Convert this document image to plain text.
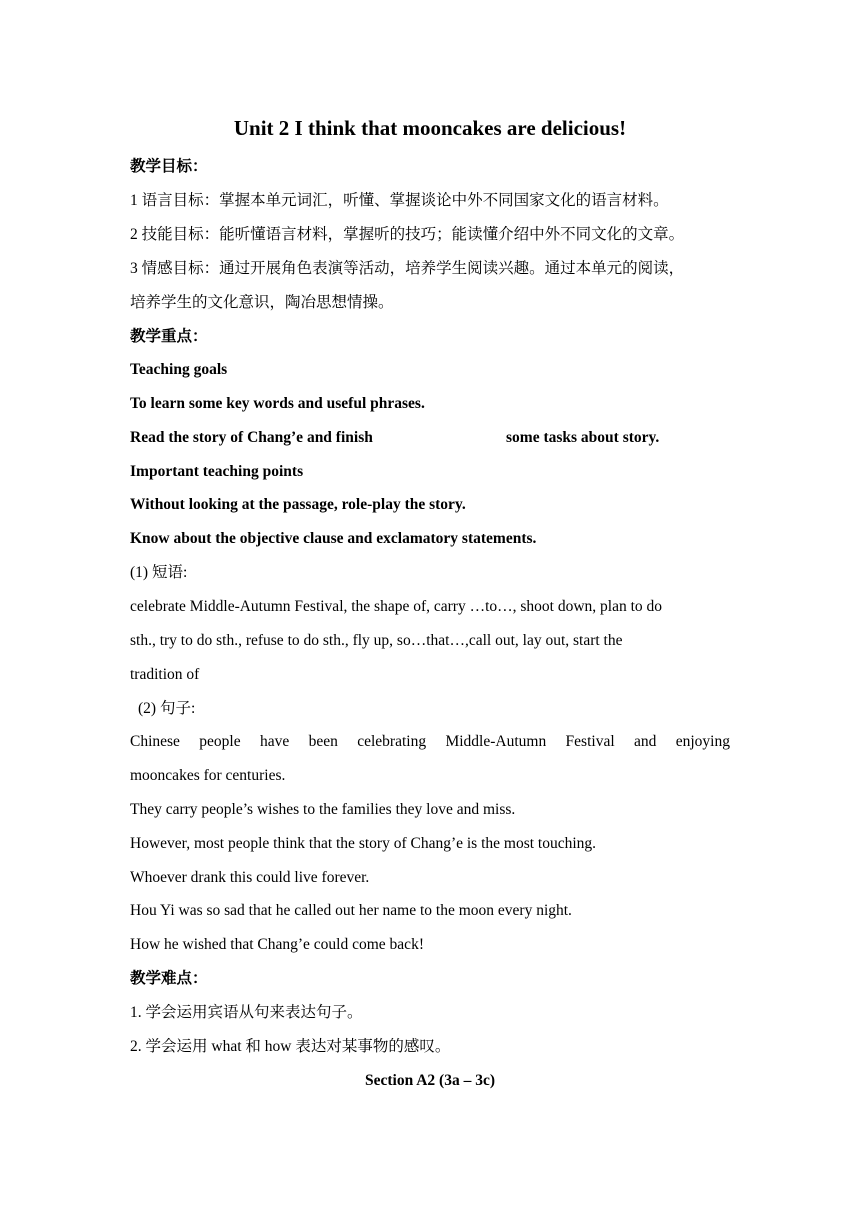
Unit 2 I think that mooncakes are delicious!
教学目标：
1 语言目标：掌握本单元词汇，听懂、掌握谈论中外不同国家文化的语言材料。
2 技能目标：能听懂语言材料，掌握听的技巧；能读懂介绍中外不同文化的文章。
3 情感目标：通过开展角色表演等活动，培养学生阅读兴趣。通过本单元的阅读，
培养学生的文化意识，陶冶思想情操。
教学重点：
Teaching goals
To learn some key words and useful phrases.
Read the story of Chang’e and finish	some tasks about story.
Important teaching points
Without looking at the passage, role-play the story.
Know about the objective clause and exclamatory statements.
(1) 短语:
celebrate Middle-Autumn Festival, the shape of, carry …to…, shoot down, plan to do
sth., try to do sth., refuse to do sth., fly up, so…that…,call out, lay out, start the
tradition of
(2) 句子:
Chinese people have been celebrating Middle-Autumn Festival and enjoying
mooncakes for centuries.
They carry people’s wishes to the families they love and miss.
However, most people think that the story of Chang’e is the most touching.
Whoever drank this could live forever.
Hou Yi was so sad that he called out her name to the moon every night.
How he wished that Chang’e could come back!
教学难点：
1. 学会运用宾语从句来表达句子。
2. 学会运用 what 和 how 表达对某事物的感叹。
Section A2 (3a – 3c)
